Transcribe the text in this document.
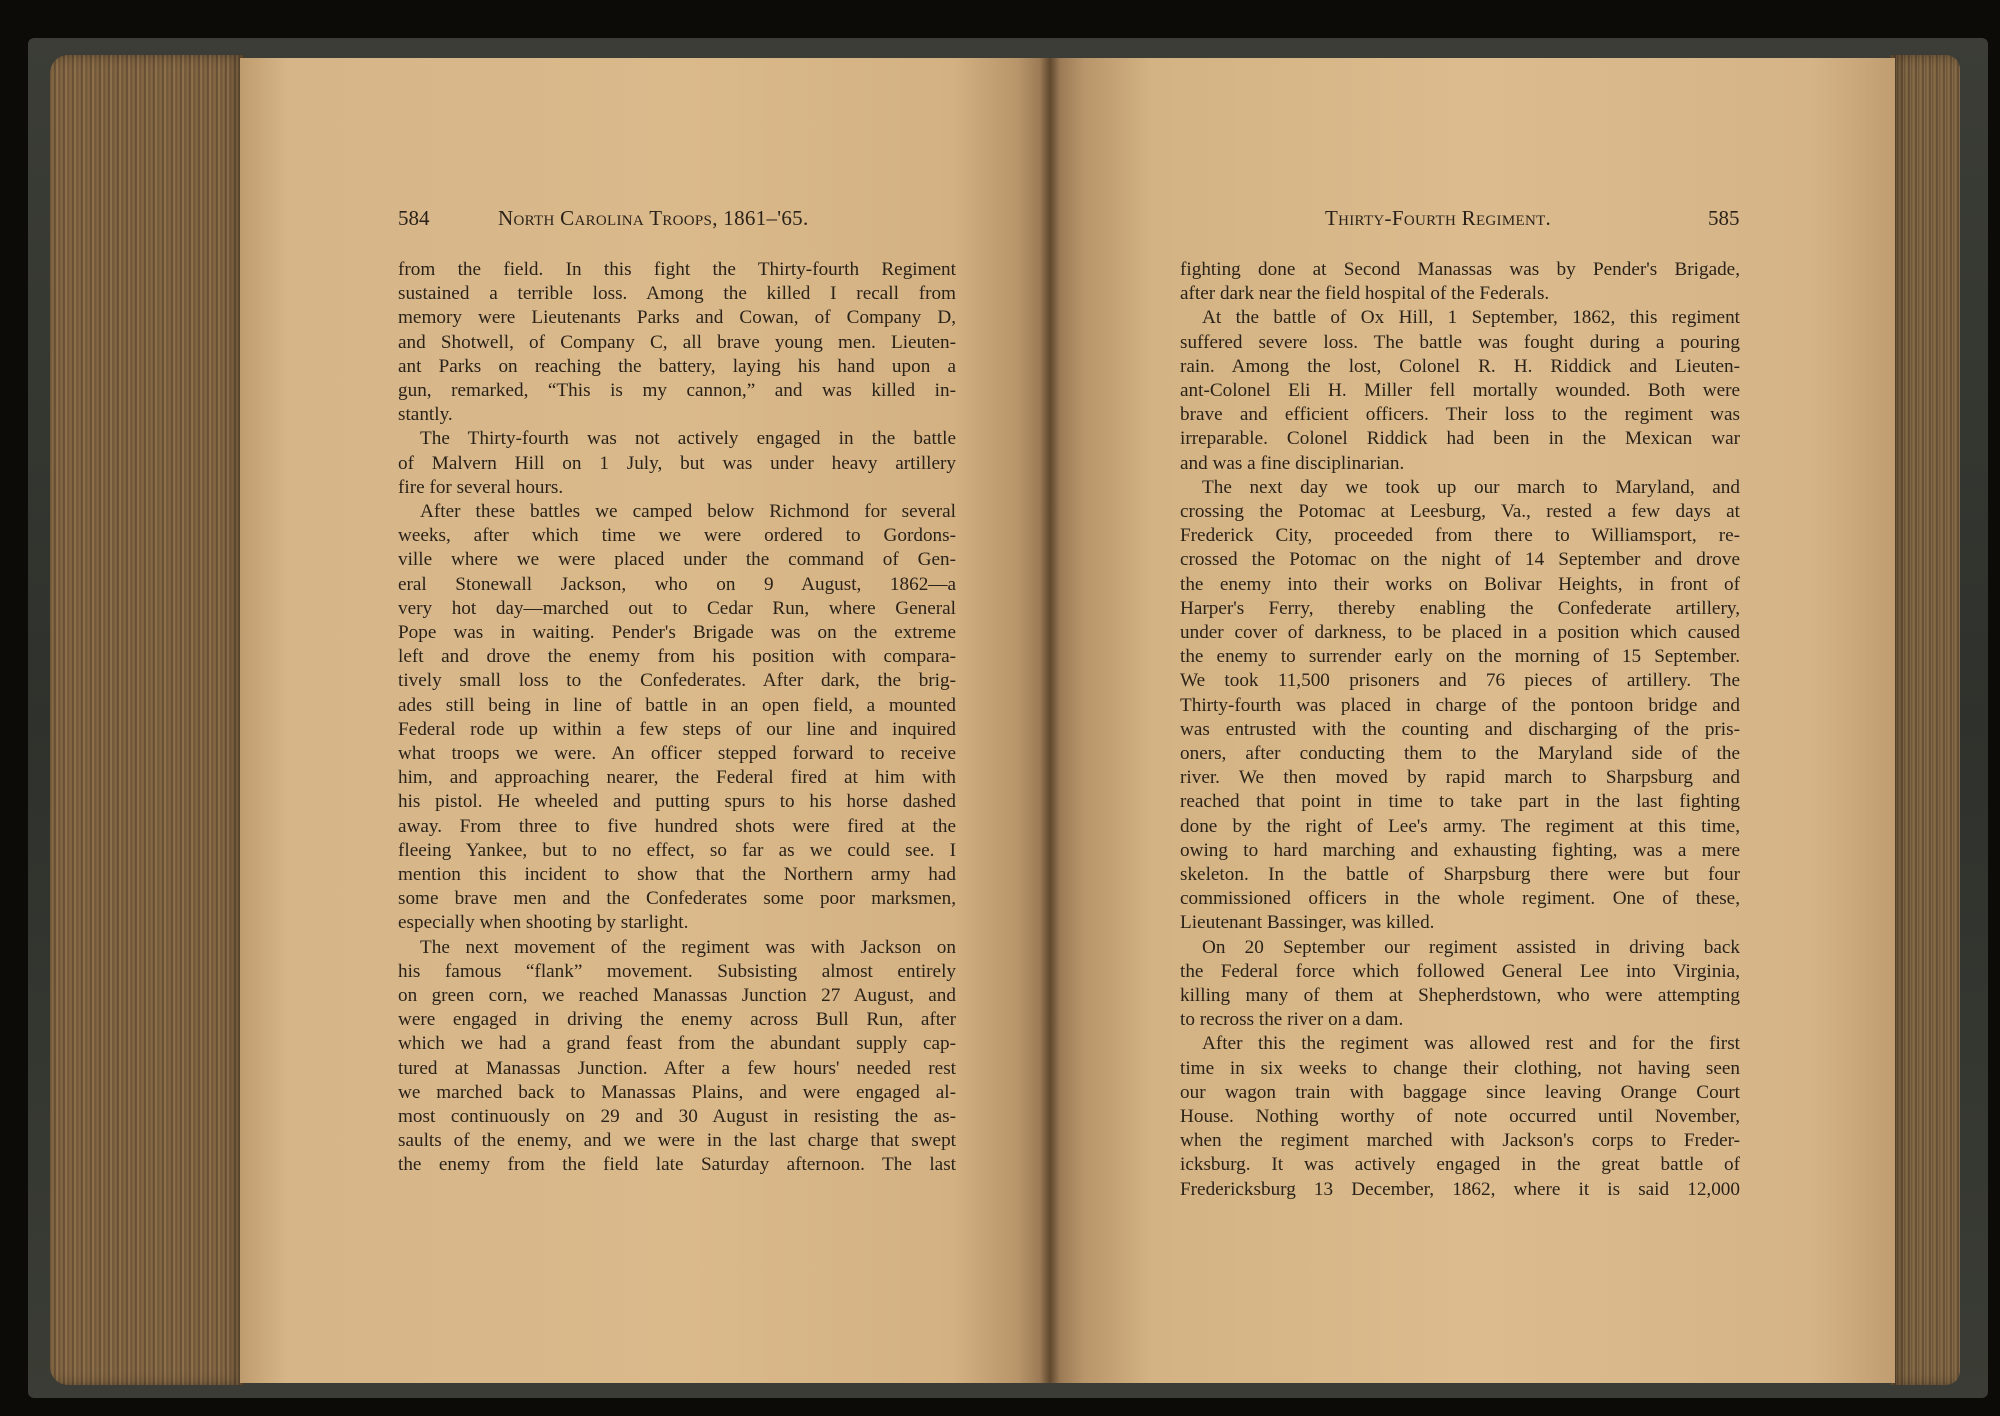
584	North Carolina Troops, 1861–'65.	Thirty-Fourth Regiment.	585
from the field. In this fight the Thirty-fourth Regiment
sustained a terrible loss. Among the killed I recall from
memory were Lieutenants Parks and Cowan, of Company D,
and Shotwell, of Company C, all brave young men. Lieuten-
ant Parks on reaching the battery, laying his hand upon a
gun, remarked, “This is my cannon,” and was killed in-
stantly.
The Thirty-fourth was not actively engaged in the battle
of Malvern Hill on 1 July, but was under heavy artillery
fire for several hours.
After these battles we camped below Richmond for several
weeks, after which time we were ordered to Gordons-
ville where we were placed under the command of Gen-
eral Stonewall Jackson, who on 9 August, 1862—a
very hot day—marched out to Cedar Run, where General
Pope was in waiting. Pender's Brigade was on the extreme
left and drove the enemy from his position with compara-
tively small loss to the Confederates. After dark, the brig-
ades still being in line of battle in an open field, a mounted
Federal rode up within a few steps of our line and inquired
what troops we were. An officer stepped forward to receive
him, and approaching nearer, the Federal fired at him with
his pistol. He wheeled and putting spurs to his horse dashed
away. From three to five hundred shots were fired at the
fleeing Yankee, but to no effect, so far as we could see. I
mention this incident to show that the Northern army had
some brave men and the Confederates some poor marksmen,
especially when shooting by starlight.
The next movement of the regiment was with Jackson on
his famous “flank” movement. Subsisting almost entirely
on green corn, we reached Manassas Junction 27 August, and
were engaged in driving the enemy across Bull Run, after
which we had a grand feast from the abundant supply cap-
tured at Manassas Junction. After a few hours' needed rest
we marched back to Manassas Plains, and were engaged al-
most continuously on 29 and 30 August in resisting the as-
saults of the enemy, and we were in the last charge that swept
the enemy from the field late Saturday afternoon. The last
fighting done at Second Manassas was by Pender's Brigade,
after dark near the field hospital of the Federals.
At the battle of Ox Hill, 1 September, 1862, this regiment
suffered severe loss. The battle was fought during a pouring
rain. Among the lost, Colonel R. H. Riddick and Lieuten-
ant-Colonel Eli H. Miller fell mortally wounded. Both were
brave and efficient officers. Their loss to the regiment was
irreparable. Colonel Riddick had been in the Mexican war
and was a fine disciplinarian.
The next day we took up our march to Maryland, and
crossing the Potomac at Leesburg, Va., rested a few days at
Frederick City, proceeded from there to Williamsport, re-
crossed the Potomac on the night of 14 September and drove
the enemy into their works on Bolivar Heights, in front of
Harper's Ferry, thereby enabling the Confederate artillery,
under cover of darkness, to be placed in a position which caused
the enemy to surrender early on the morning of 15 September.
We took 11,500 prisoners and 76 pieces of artillery. The
Thirty-fourth was placed in charge of the pontoon bridge and
was entrusted with the counting and discharging of the pris-
oners, after conducting them to the Maryland side of the
river. We then moved by rapid march to Sharpsburg and
reached that point in time to take part in the last fighting
done by the right of Lee's army. The regiment at this time,
owing to hard marching and exhausting fighting, was a mere
skeleton. In the battle of Sharpsburg there were but four
commissioned officers in the whole regiment. One of these,
Lieutenant Bassinger, was killed.
On 20 September our regiment assisted in driving back
the Federal force which followed General Lee into Virginia,
killing many of them at Shepherdstown, who were attempting
to recross the river on a dam.
After this the regiment was allowed rest and for the first
time in six weeks to change their clothing, not having seen
our wagon train with baggage since leaving Orange Court
House. Nothing worthy of note occurred until November,
when the regiment marched with Jackson's corps to Freder-
icksburg. It was actively engaged in the great battle of
Fredericksburg 13 December, 1862, where it is said 12,000
